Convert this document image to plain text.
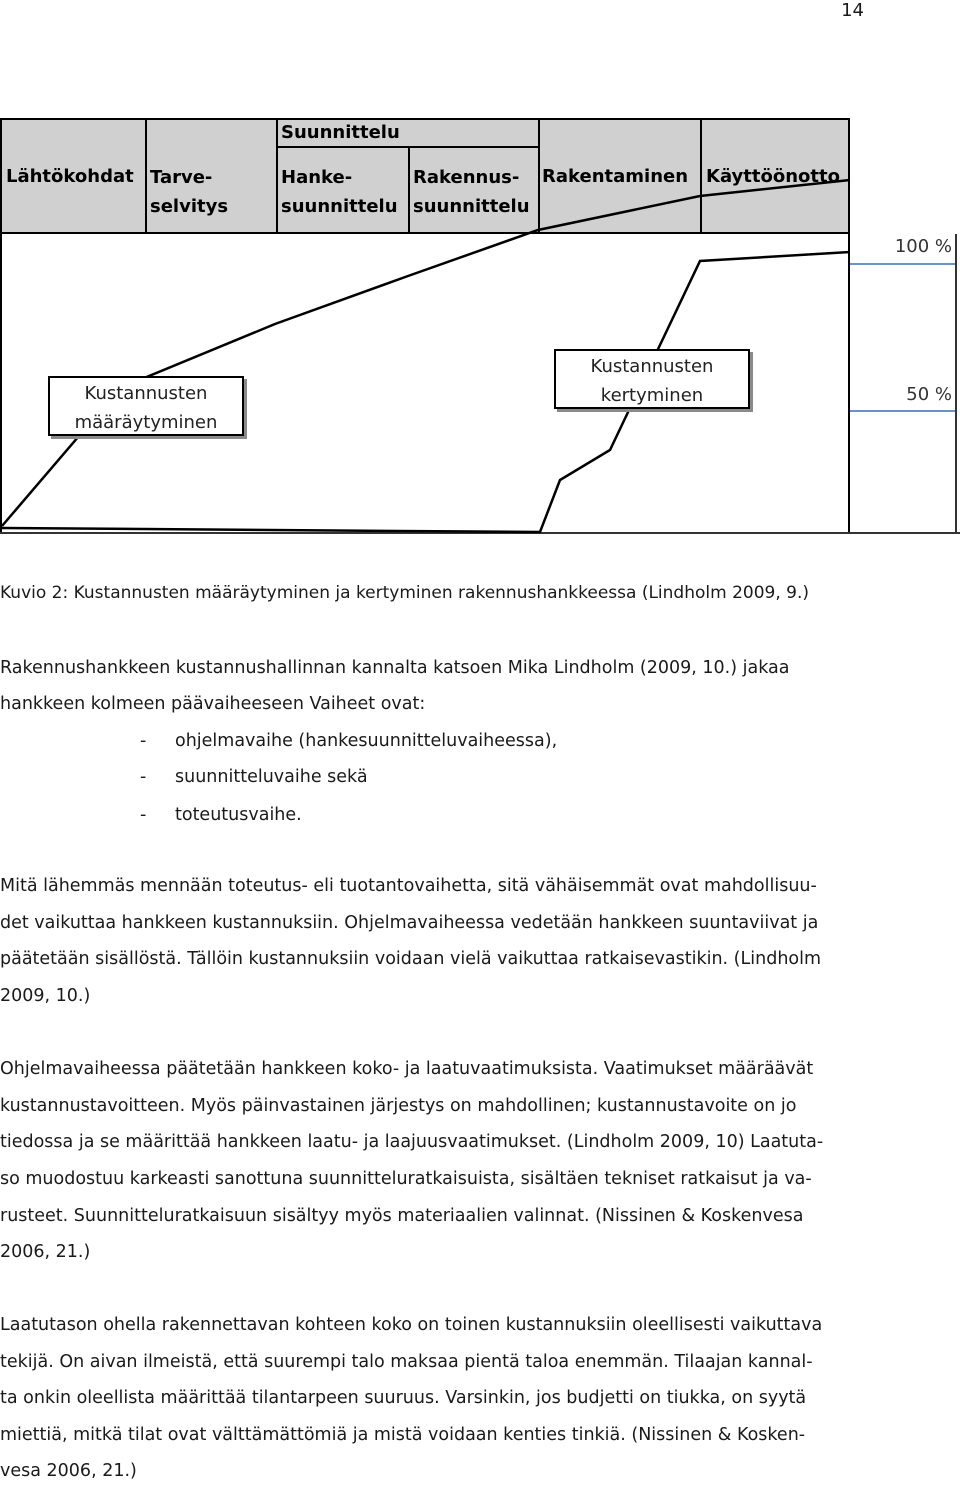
14
Suunnittelu
Lähtökohdat Tarve-
selvitys
Hanke-
suunnittelu
Rakennus-
suunnittelu
Rakentaminen Käyttöönotto
100 %
50 %
Kustannusten
määräytyminen
Kustannusten
kertyminen
Kuvio 2: Kustannusten määräytyminen ja kertyminen rakennushankkeessa (Lindholm 2009, 9.)
Rakennushankkeen kustannushallinnan kannalta katsoen Mika Lindholm (2009, 10.) jakaa
hankkeen kolmeen päävaiheeseen Vaiheet ovat:
- ohjelmavaihe (hankesuunnitteluvaiheessa),
- suunnitteluvaihe sekä
- toteutusvaihe.
Mitä lähemmäs mennään toteutus- eli tuotantovaihetta, sitä vähäisemmät ovat mahdollisuu-
det vaikuttaa hankkeen kustannuksiin. Ohjelmavaiheessa vedetään hankkeen suuntaviivat ja
päätetään sisällöstä. Tällöin kustannuksiin voidaan vielä vaikuttaa ratkaisevastikin. (Lindholm
2009, 10.)
Ohjelmavaiheessa päätetään hankkeen koko- ja laatuvaatimuksista. Vaatimukset määräävät
kustannustavoitteen. Myös päinvastainen järjestys on mahdollinen; kustannustavoite on jo
tiedossa ja se määrittää hankkeen laatu- ja laajuusvaatimukset. (Lindholm 2009, 10) Laatuta-
so muodostuu karkeasti sanottuna suunnitteluratkaisuista, sisältäen tekniset ratkaisut ja va-
rusteet. Suunnitteluratkaisuun sisältyy myös materiaalien valinnat. (Nissinen & Koskenvesa
2006, 21.)
Laatutason ohella rakennettavan kohteen koko on toinen kustannuksiin oleellisesti vaikuttava
tekijä. On aivan ilmeistä, että suurempi talo maksaa pientä taloa enemmän. Tilaajan kannal-
ta onkin oleellista määrittää tilantarpeen suuruus. Varsinkin, jos budjetti on tiukka, on syytä
miettiä, mitkä tilat ovat välttämättömiä ja mistä voidaan kenties tinkiä. (Nissinen & Kosken-
vesa 2006, 21.)
